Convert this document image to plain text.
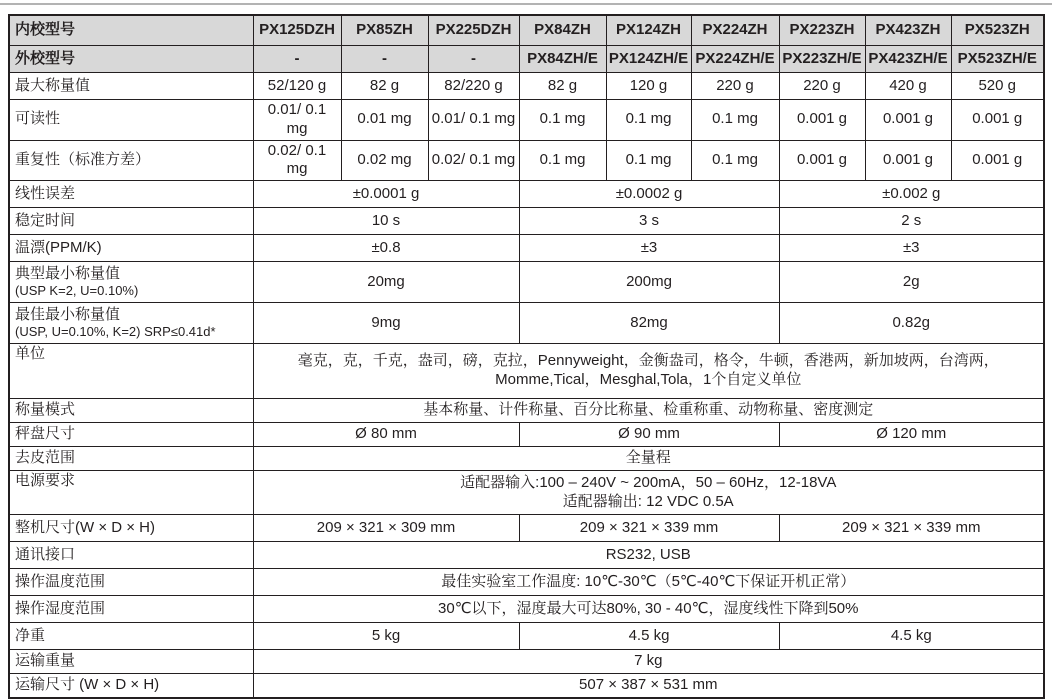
内校型号	PX125DZH	PX85ZH	PX225DZH	PX84ZH	PX124ZH	PX224ZH	PX223ZH	PX423ZH	PX523ZH
外校型号	-	-	-	PX84ZH/E	PX124ZH/E	PX224ZH/E	PX223ZH/E	PX423ZH/E	PX523ZH/E
最大称量值	52/120 g	82 g	82/220 g	82 g	120 g	220 g	220 g	420 g	520 g
可读性	0.01/ 0.1 mg	0.01 mg	0.01/ 0.1 mg	0.1 mg	0.1 mg	0.1 mg	0.001 g	0.001 g	0.001 g
重复性（标准方差）	0.02/ 0.1 mg	0.02 mg	0.02/ 0.1 mg	0.1 mg	0.1 mg	0.1 mg	0.001 g	0.001 g	0.001 g
线性误差	±0.0001 g			±0.0002 g			±0.002 g		
稳定时间	10 s			3 s			2 s		
温漂(PPM/K)	±0.8			±3			±3		

典型最小称量值
(USP K=2, U=0.10%)	20mg			200mg			2g		

最佳最小称量值
(USP, U=0.10%, K=2) SRP≤0.41d*	9mg			82mg			0.82g		
单位	毫克，克，千克，盎司，磅，克拉，Pennyweight，金衡盎司，格令，牛顿，香港两，新加坡两，台湾两，Momme,Tical，Mesghal,Tola，1个自定义单位								
称量模式	基本称量、计件称量、百分比称量、检重称重、动物称量、密度测定								
秤盘尺寸	Ø 80 mm			Ø 90 mm			Ø 120 mm		
去皮范围	全量程								
电源要求	适配器输入:100 – 240V ~ 200mA，50 – 60Hz，12-18VA
适配器输出: 12 VDC 0.5A								

整机尺寸(W × D × H)	209 × 321 × 309 mm			209 × 321 × 339 mm			209 × 321 × 339 mm		
通讯接口	RS232, USB								
操作温度范围	最佳实验室工作温度: 10℃-30℃（5℃-40℃下保证开机正常）								
操作湿度范围	30℃以下，湿度最大可达80%, 30 - 40℃，湿度线性下降到50%								
净重	5 kg			4.5 kg			4.5 kg		
运输重量	7 kg								
运输尺寸 (W × D × H)	507 × 387 × 531 mm								
